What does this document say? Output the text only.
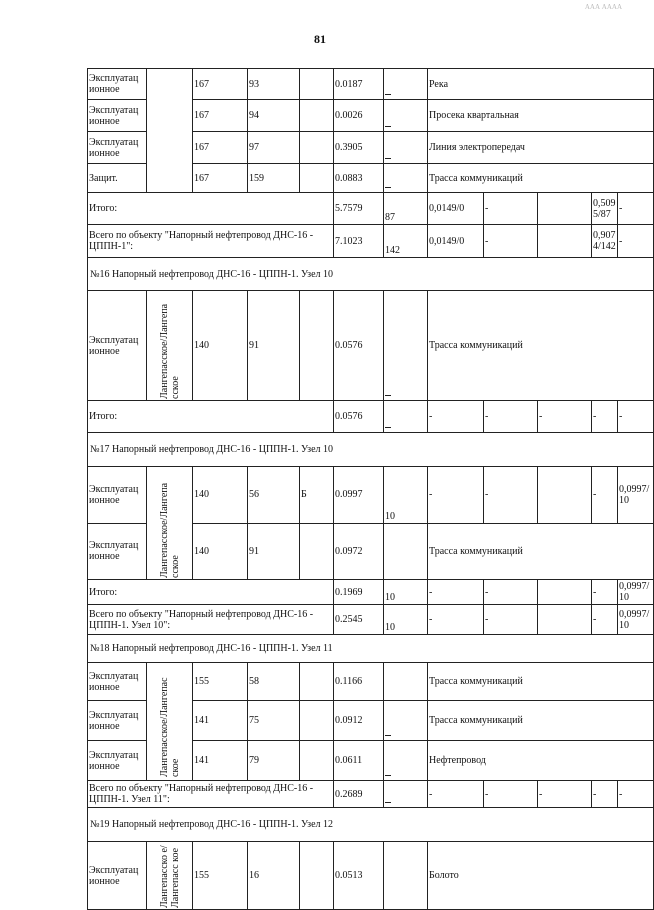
ААА АААА
81
Эксплуатац ионное		167	93		0.0187		Река				
Эксплуатац ионное		167	94		0.0026		Просека квартальная				
Эксплуатац ионное		167	97		0.3905		Линия электропередач				
Защит.		167	159		0.0883		Трасса коммуникаций				
Итого:					5.7579	87	0,0149/0	-		0,509 5/87	-
Всего по объекту "Напорный нефтепровод ДНС-16 - ЦППН-1":					7.1023	142	0,0149/0	-		0,907 4/142	-
№16 Напорный нефтепровод ДНС-16 - ЦППН-1. Узел 10											
Эксплуатац ионное	Лангепасское/Лангепа сское	140	91		0.0576		Трасса коммуникаций				
Итого:					0.0576		-	-	-	-	-
№17 Напорный нефтепровод ДНС-16 - ЦППН-1. Узел 10											
Эксплуатац ионное	Лангепасское/Лангепа сское	140	56	Б	0.0997	10	-	-		-	0,0997/10
Эксплуатац ионное		140	91		0.0972		Трасса коммуникаций				
Итого:					0.1969	10	-	-		-	0,0997/10
Всего по объекту "Напорный нефтепровод ДНС-16 - ЦППН-1. Узел 10":					0.2545	10	-	-		-	0,0997/10
№18 Напорный нефтепровод ДНС-16 - ЦППН-1. Узел 11											
Эксплуатац ионное	Лангепасское/Лангепас ское	155	58		0.1166		Трасса коммуникаций				
Эксплуатац ионное		141	75		0.0912		Трасса коммуникаций				
Эксплуатац ионное		141	79		0.0611		Нефтепровод				
Всего по объекту "Напорный нефтепровод ДНС-16 - ЦППН-1. Узел 11":					0.2689		-	-	-	-	-
№19 Напорный нефтепровод ДНС-16 - ЦППН-1. Узел 12											
Эксплуатац ионное	Лангепасско е/Лангепасс кое	155	16		0.0513		Болото				
